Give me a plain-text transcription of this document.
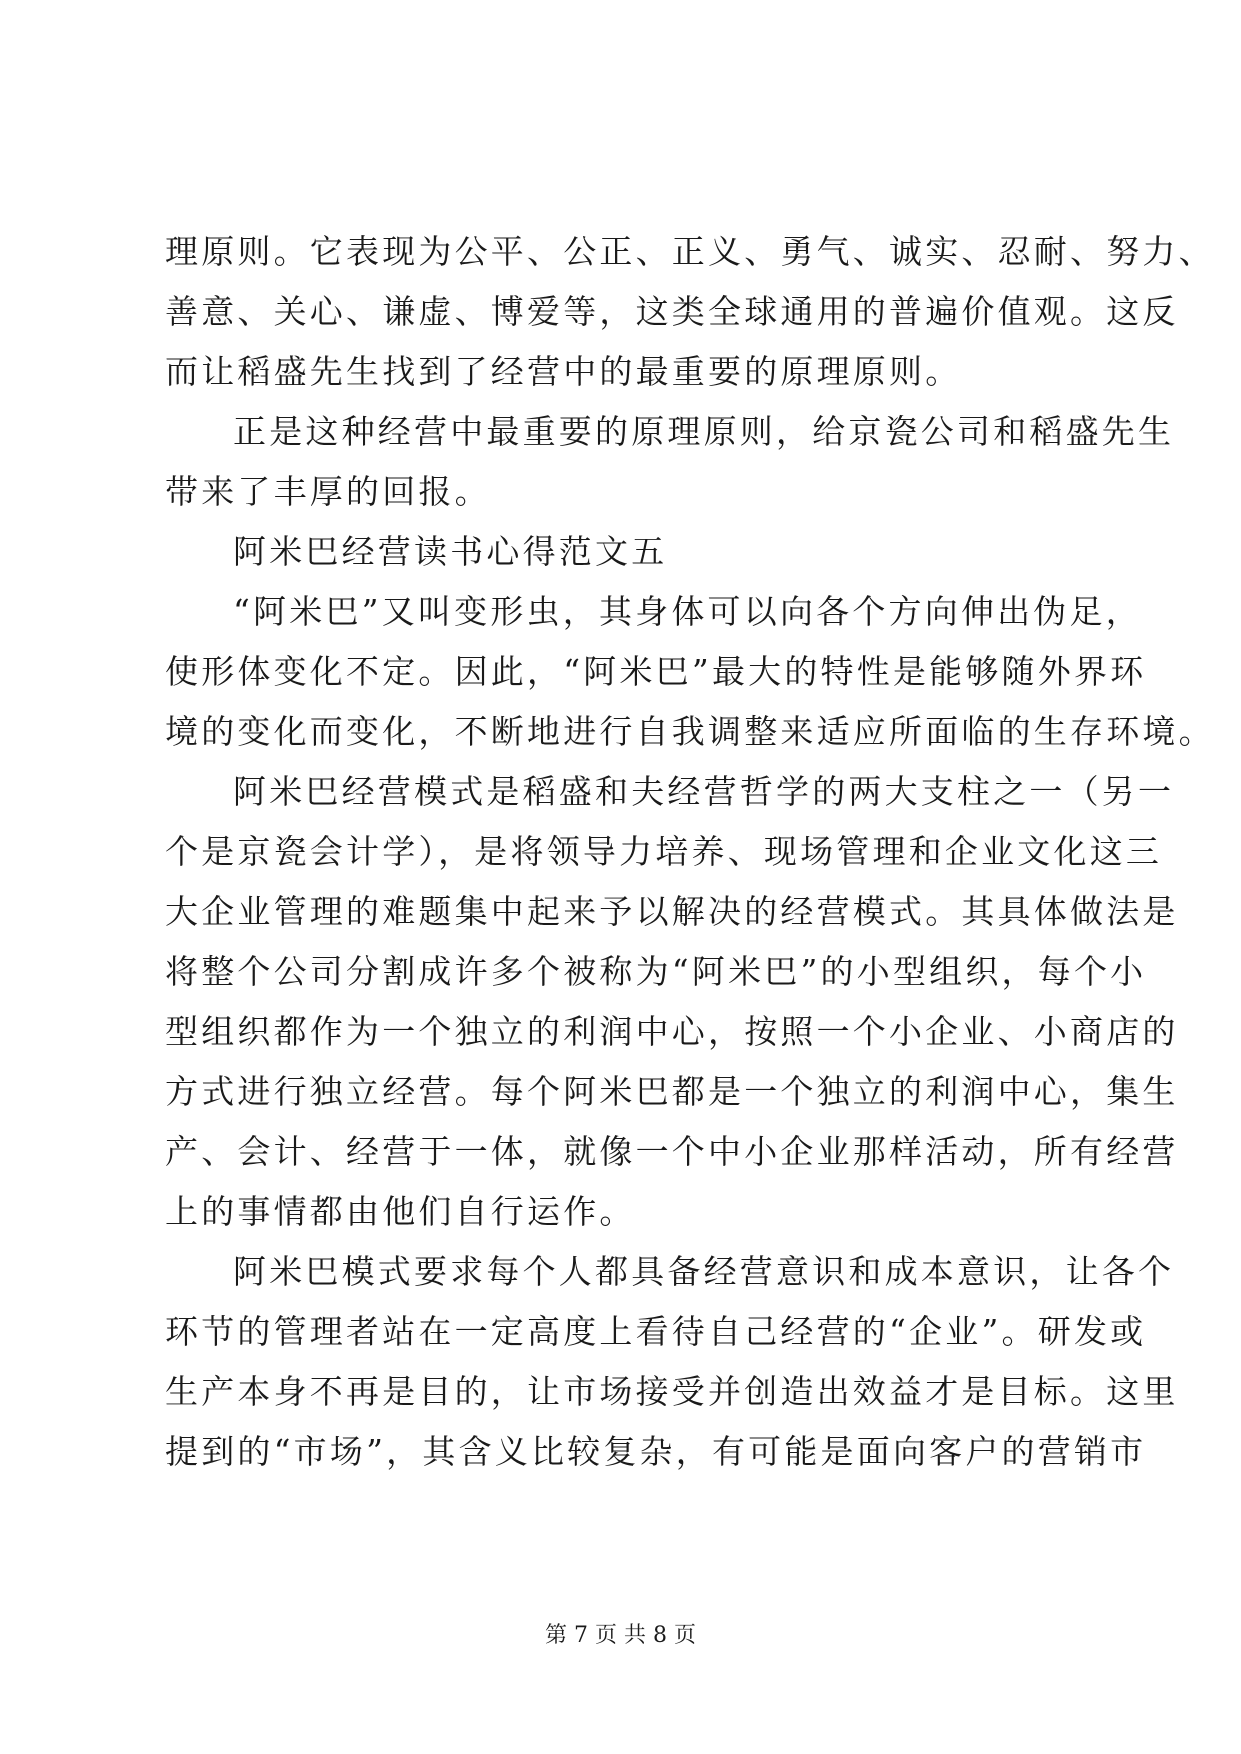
理原则。它表现为公平、公正、正义、勇气、诚实、忍耐、努力、
善意、关心、谦虚、博爱等，这类全球通用的普遍价值观。这反
而让稻盛先生找到了经营中的最重要的原理原则。
正是这种经营中最重要的原理原则，给京瓷公司和稻盛先生
带来了丰厚的回报。
阿米巴经营读书心得范文五
“阿米巴”又叫变形虫，其身体可以向各个方向伸出伪足，
使形体变化不定。因此，“阿米巴”最大的特性是能够随外界环
境的变化而变化，不断地进行自我调整来适应所面临的生存环境。
阿米巴经营模式是稻盛和夫经营哲学的两大支柱之一（另一
个是京瓷会计学），是将领导力培养、现场管理和企业文化这三
大企业管理的难题集中起来予以解决的经营模式。其具体做法是
将整个公司分割成许多个被称为“阿米巴”的小型组织，每个小
型组织都作为一个独立的利润中心，按照一个小企业、小商店的
方式进行独立经营。每个阿米巴都是一个独立的利润中心，集生
产、会计、经营于一体，就像一个中小企业那样活动，所有经营
上的事情都由他们自行运作。
阿米巴模式要求每个人都具备经营意识和成本意识，让各个
环节的管理者站在一定高度上看待自己经营的“企业”。研发或
生产本身不再是目的，让市场接受并创造出效益才是目标。这里
提到的“市场”，其含义比较复杂，有可能是面向客户的营销市
第 7 页 共 8 页
